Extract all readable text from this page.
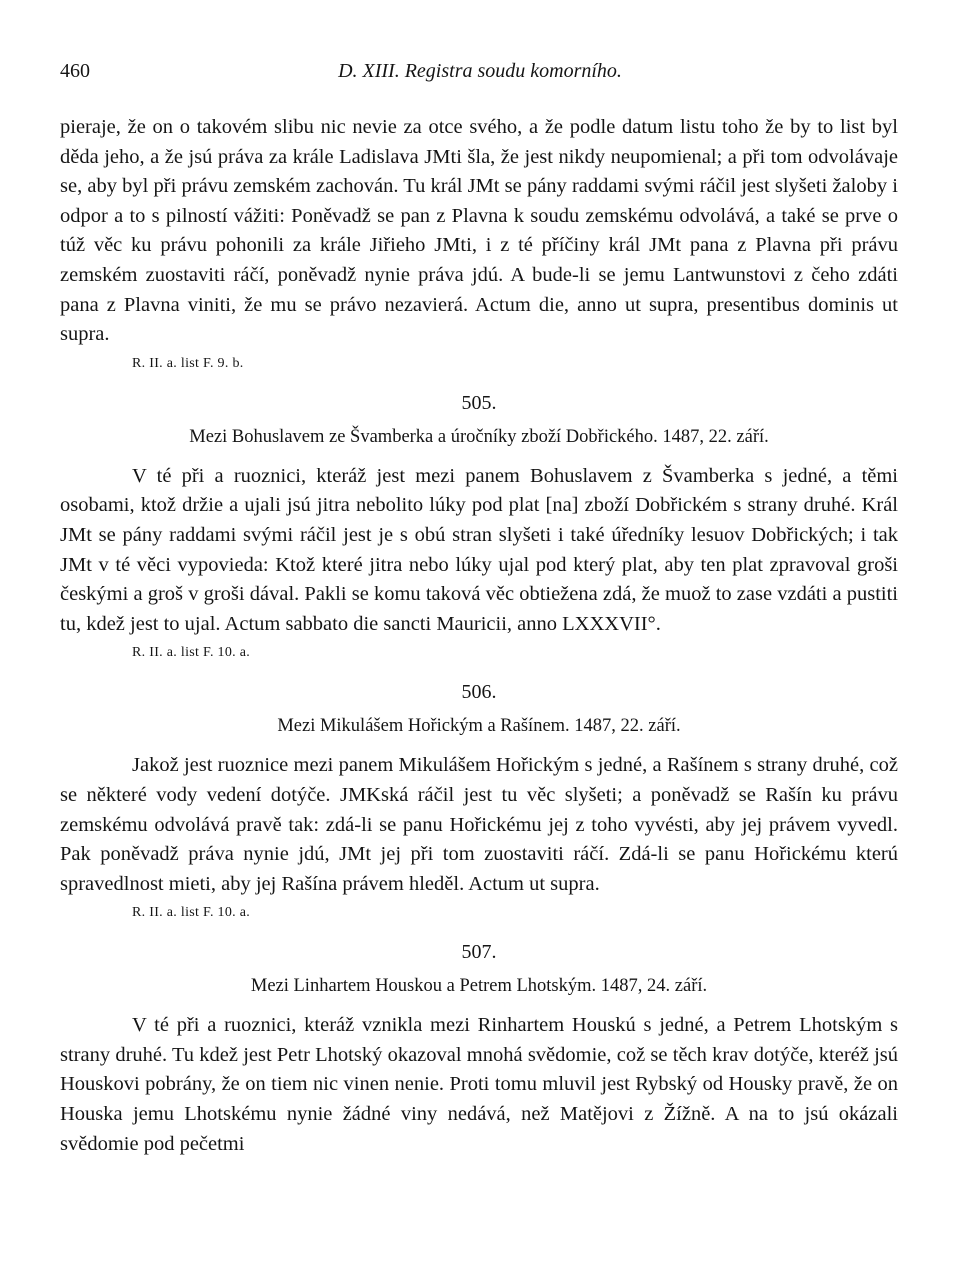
460	D. XIII. Registra soudu komorního.

pieraje, že on o takovém slibu nic nevie za otce svého, a že podle datum listu toho že by to list byl děda jeho, a že jsú práva za krále Ladislava JMti šla, že jest nikdy neupomienal; a při tom odvolávaje se, aby byl při právu zemském zachován. Tu král JMt se pány raddami svými ráčil jest slyšeti žaloby i odpor a to s pilností vážiti: Poněvadž se pan z Plavna k soudu zemskému odvolává, a také se prve o túž věc ku právu pohonili za krále Jiřieho JMti, i z té příčiny král JMt pana z Plavna při právu zemském zuostaviti ráčí, poněvadž nynie práva jdú. A bude-li se jemu Lantwunstovi z čeho zdáti pana z Plavna viniti, že mu se právo nezavierá. Actum die, anno ut supra, presentibus dominis ut supra.

R. II. a. list F. 9. b.
505.
Mezi Bohuslavem ze Švamberka a úročníky zboží Dobřického. 1487, 22. září.

V té při a ruoznici, kteráž jest mezi panem Bohuslavem z Švamberka s jedné, a těmi osobami, ktož držie a ujali jsú jitra nebolito lúky pod plat [na] zboží Dobřickém s strany druhé. Král JMt se pány raddami svými ráčil jest je s obú stran slyšeti i také úředníky lesuov Dobřických; i tak JMt v té věci vypovieda: Ktož které jitra nebo lúky ujal pod který plat, aby ten plat zpravoval groši českými a groš v groši dával. Pakli se komu taková věc obtiežena zdá, že muož to zase vzdáti a pustiti tu, kdež jest to ujal. Actum sabbato die sancti Mauricii, anno LXXXVII°.

R. II. a. list F. 10. a.
506.
Mezi Mikulášem Hořickým a Rašínem. 1487, 22. září.

Jakož jest ruoznice mezi panem Mikulášem Hořickým s jedné, a Rašínem s strany druhé, což se některé vody vedení dotýče. JMKská ráčil jest tu věc slyšeti; a poněvadž se Rašín ku právu zemskému odvolává pravě tak: zdá-li se panu Hořickému jej z toho vyvésti, aby jej právem vyvedl. Pak poněvadž práva nynie jdú, JMt jej při tom zuostaviti ráčí. Zdá-li se panu Hořickému kterú spravedlnost mieti, aby jej Rašína právem hleděl. Actum ut supra.

R. II. a. list F. 10. a.
507.
Mezi Linhartem Houskou a Petrem Lhotským. 1487, 24. září.

V té při a ruoznici, kteráž vznikla mezi Rinhartem Houskú s jedné, a Petrem Lhotským s strany druhé. Tu kdež jest Petr Lhotský okazoval mnohá svědomie, což se těch krav dotýče, kteréž jsú Houskovi pobrány, že on tiem nic vinen nenie. Proti tomu mluvil jest Rybský od Housky pravě, že on Houska jemu Lhotskému nynie žádné viny nedává, než Matějovi z Žížně. A na to jsú okázali svědomie pod pečetmi
